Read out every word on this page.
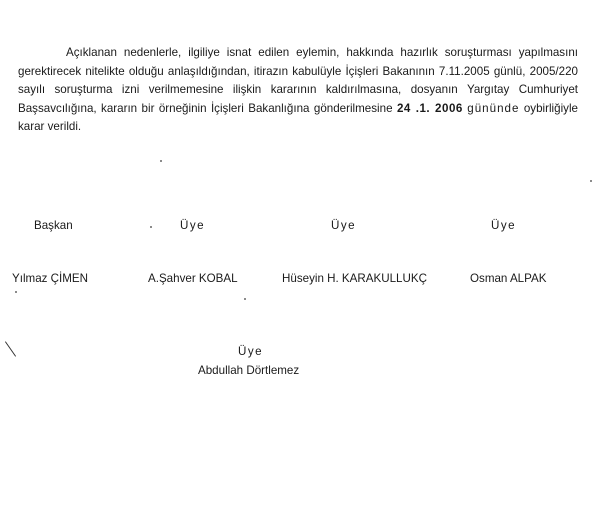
Açıklanan nedenlerle, ilgiliye isnat edilen eylemin, hakkında hazırlık soruşturması yapılmasını gerektirecek nitelikte olduğu anlaşıldığından, itirazın kabulüyle İçişleri Bakanının 7.11.2005 günlü, 2005/220 sayılı soruşturma izni verilmemesine ilişkin kararının kaldırılmasına, dosyanın Yargıtay Cumhuriyet Başsavcılığına, kararın bir örneğinin İçişleri Bakanlığına gönderilmesine 24 .1. 2006 gününde oybirliğiyle karar verildi.
Başkan	Üye	Üye	Üye
Yılmaz ÇİMEN	A.Şahver KOBAL	Hüseyin H. KARAKULLUKÇ	Osman ALPAK
Üye
Abdullah Dörtlemez
